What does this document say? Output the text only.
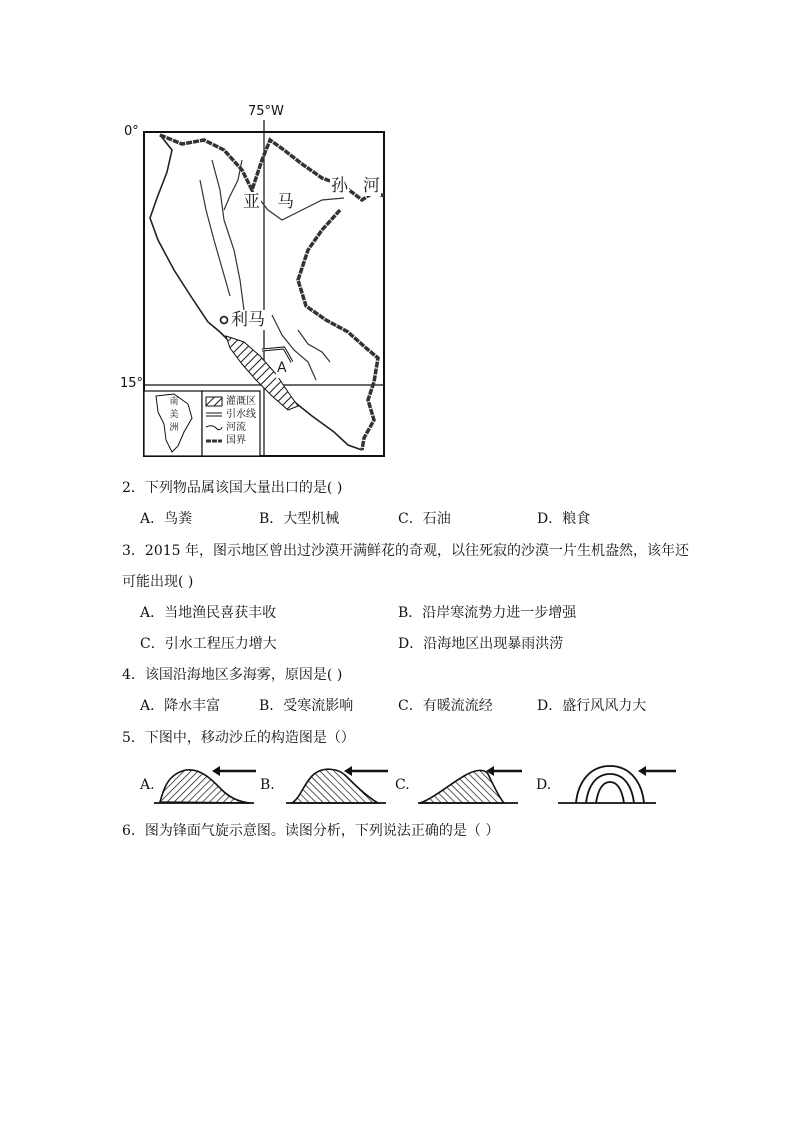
75°W
0°
15°
亚 马
孙 河
利马
A
南
美
洲
灌溉区
引水线
河流
国界
2．下列物品属该国大量出口的是( )
A．鸟粪	B．大型机械	C．石油	D．粮食
3．2015 年，图示地区曾出过沙漠开满鲜花的奇观，以往死寂的沙漠一片生机盎然，该年还
可能出现( )
A．当地渔民喜获丰收	B．沿岸寒流势力进一步增强
C．引水工程压力增大	D．沿海地区出现暴雨洪涝
4．该国沿海地区多海雾，原因是( )
A．降水丰富	B．受寒流影响	C．有暖流流经	D．盛行风风力大
5．下图中，移动沙丘的构造图是（）
A.	B.	C.	D.
6．图为锋面气旋示意图。读图分析，下列说法正确的是（ ）
